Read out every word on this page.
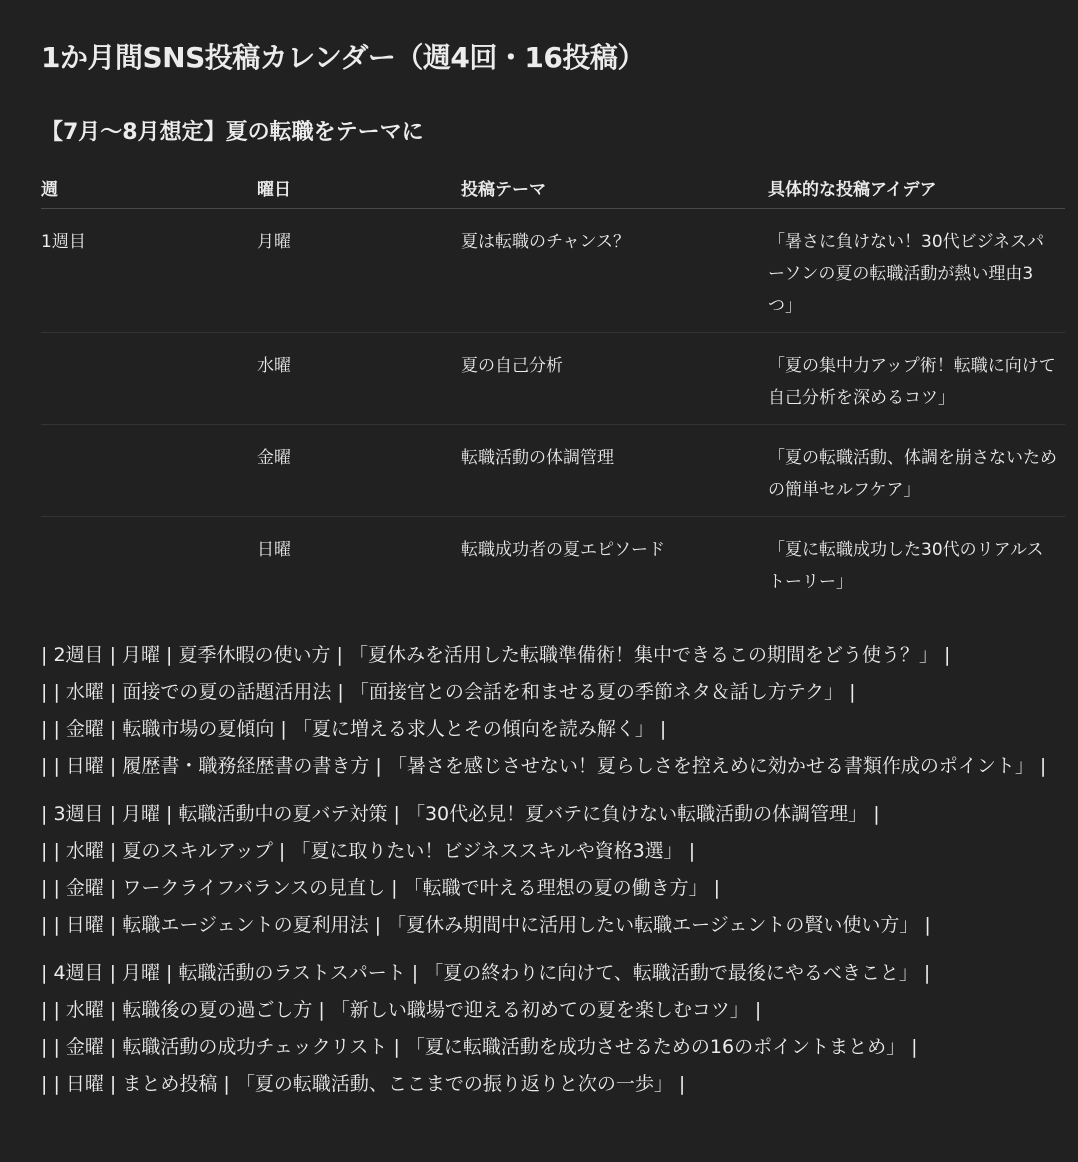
1か月間SNS投稿カレンダー（週4回・16投稿）
【7月〜8月想定】夏の転職をテーマに
週	曜日	投稿テーマ	具体的な投稿アイデア
1週目	月曜	夏は転職のチャンス？	「暑さに負けない！30代ビジネスパーソンの夏の転職活動が熱い理由3つ」
	水曜	夏の自己分析	「夏の集中力アップ術！転職に向けて自己分析を深めるコツ」
	金曜	転職活動の体調管理	「夏の転職活動、体調を崩さないための簡単セルフケア」
	日曜	転職成功者の夏エピソード	「夏に転職成功した30代のリアルストーリー」
| 2週目 | 月曜 | 夏季休暇の使い方 | 「夏休みを活用した転職準備術！集中できるこの期間をどう使う？」 |
| | 水曜 | 面接での夏の話題活用法 | 「面接官との会話を和ませる夏の季節ネタ＆話し方テク」 |
| | 金曜 | 転職市場の夏傾向 | 「夏に増える求人とその傾向を読み解く」 |
| | 日曜 | 履歴書・職務経歴書の書き方 | 「暑さを感じさせない！夏らしさを控えめに効かせる書類作成のポイント」 |
| 3週目 | 月曜 | 転職活動中の夏バテ対策 | 「30代必見！夏バテに負けない転職活動の体調管理」 |
| | 水曜 | 夏のスキルアップ | 「夏に取りたい！ビジネススキルや資格3選」 |
| | 金曜 | ワークライフバランスの見直し | 「転職で叶える理想の夏の働き方」 |
| | 日曜 | 転職エージェントの夏利用法 | 「夏休み期間中に活用したい転職エージェントの賢い使い方」 |
| 4週目 | 月曜 | 転職活動のラストスパート | 「夏の終わりに向けて、転職活動で最後にやるべきこと」 |
| | 水曜 | 転職後の夏の過ごし方 | 「新しい職場で迎える初めての夏を楽しむコツ」 |
| | 金曜 | 転職活動の成功チェックリスト | 「夏に転職活動を成功させるための16のポイントまとめ」 |
| | 日曜 | まとめ投稿 | 「夏の転職活動、ここまでの振り返りと次の一歩」 |
